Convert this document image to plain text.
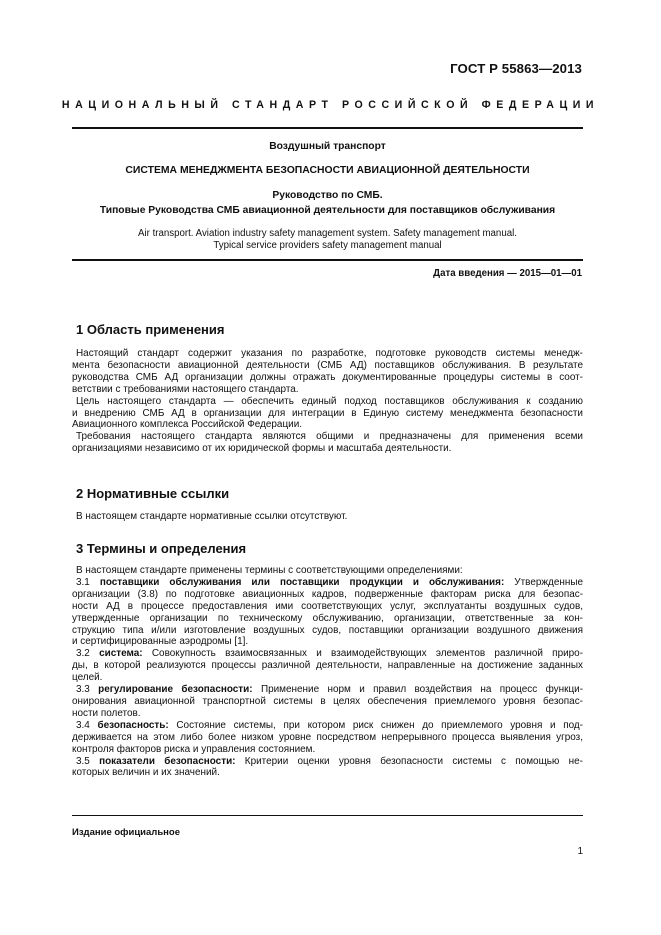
ГОСТ Р 55863—2013
НАЦИОНАЛЬНЫЙ СТАНДАРТ РОССИЙСКОЙ ФЕДЕРАЦИИ
Воздушный транспорт
СИСТЕМА МЕНЕДЖМЕНТА БЕЗОПАСНОСТИ АВИАЦИОННОЙ ДЕЯТЕЛЬНОСТИ
Руководство по СМБ.
Типовые Руководства СМБ авиационной деятельности для поставщиков обслуживания
Air transport. Aviation industry safety management system. Safety management manual.
Typical service providers safety management manual
Дата введения — 2015—01—01
1 Область применения

Настоящий стандарт содержит указания по разработке, подготовке руководств системы менедж-

мента безопасности авиационной деятельности (СМБ АД) поставщиков обслуживания. В результате

руководства СМБ АД организации должны отражать документированные процедуры системы в соот-

ветствии с требованиями настоящего стандарта.

Цель настоящего стандарта — обеспечить единый подход поставщиков обслуживания к созданию

и внедрению СМБ АД в организации для интеграции в Единую систему менеджмента безопасности

Авиационного комплекса Российской Федерации.

Требования настоящего стандарта являются общими и предназначены для применения всеми

организациями независимо от их юридической формы и масштаба деятельности.

2 Нормативные ссылки

В настоящем стандарте нормативные ссылки отсутствуют.

3 Термины и определения

В настоящем стандарте применены термины с соответствующими определениями:

3.1 поставщики обслуживания или поставщики продукции и обслуживания: Утвержденные

организации (3.8) по подготовке авиационных кадров, подверженные факторам риска для безопас-

ности АД в процессе предоставления ими соответствующих услуг, эксплуатанты воздушных судов,

утвержденные организации по техническому обслуживанию, организации, ответственные за кон-

струкцию типа и/или изготовление воздушных судов, поставщики организации воздушного движения

и сертифицированные аэродромы [1].

3.2 система: Совокупность взаимосвязанных и взаимодействующих элементов различной приро-

ды, в которой реализуются процессы различной деятельности, направленные на достижение заданных

целей.

3.3 регулирование безопасности: Применение норм и правил воздействия на процесс функци-

онирования авиационной транспортной системы в целях обеспечения приемлемого уровня безопас-

ности полетов.

3.4 безопасность: Состояние системы, при котором риск снижен до приемлемого уровня и под-

держивается на этом либо более низком уровне посредством непрерывного процесса выявления угроз,

контроля факторов риска и управления состоянием.

3.5 показатели безопасности: Критерии оценки уровня безопасности системы с помощью не-

которых величин и их значений.

Издание официальное
1
